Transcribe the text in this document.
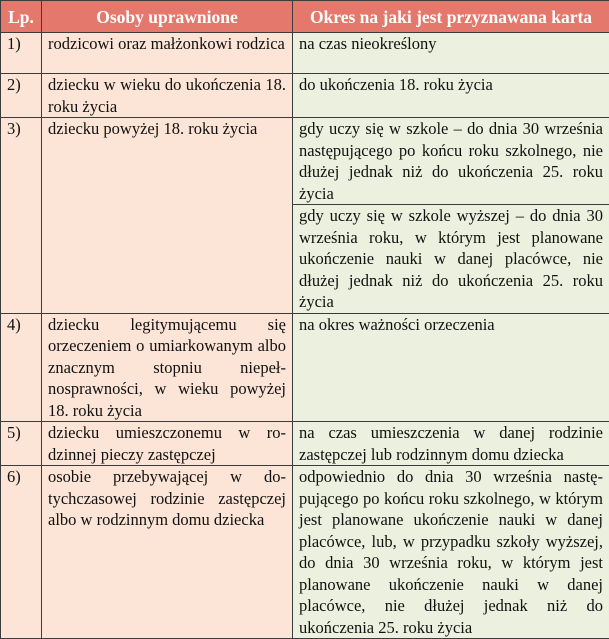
Lp.	Osoby uprawnione	Okres na jaki jest przyznawana karta
1)	rodzicowi oraz małżonkowi rodzica	na czas nieokreślony
2)	dziecku w wieku do ukończenia 18. roku życia	do ukończenia 18. roku życia
3)	dziecku powyżej 18. roku życia	gdy uczy się w szkole – do dnia 30 września następującego po końcu roku szkolnego, nie dłużej jednak niż do ukończenia 25. roku życia
		gdy uczy się w szkole wyższej – do dnia 30 września roku, w którym jest planowane ukończenie nauki w danej placówce, nie dłużej jednak niż do ukończenia 25. roku życia
4)	dziecku legitymującemu się orzeczeniem o umiarkowanym albo znacznym stopniu niepełnosprawności, w wieku powyżej 18. roku życia	na okres ważności orzeczenia
5)	dziecku umieszczonemu w rodzinnej pieczy zastępczej	na czas umieszczenia w danej rodzinie zastępczej lub rodzinnym domu dziecka
6)	osobie przebywającej w dotychczasowej rodzinie zastępczej albo w rodzinnym domu dziecka	odpowiednio do dnia 30 września następującego po końcu roku szkolnego, w którym jest planowane ukończenie nauki w danej placówce, lub, w przypadku szkoły wyższej, do dnia 30 września roku, w którym jest planowane ukończenie nauki w danej placówce, nie dłużej jednak niż do ukończenia 25. roku życia
